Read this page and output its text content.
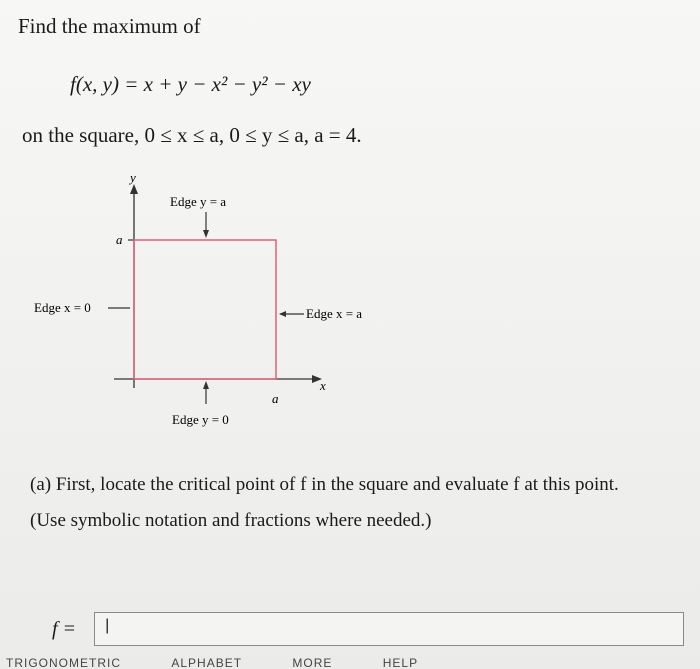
Find the maximum of
f(x, y) = x + y − x² − y² − xy
on the square, 0 ≤ x ≤ a, 0 ≤ y ≤ a, a = 4.
y
x
a
a
Edge y = a
Edge x = 0	Edge x = a
Edge y = 0
(a) First, locate the critical point of f in the square and evaluate f at this point.
(Use symbolic notation and fractions where needed.)
f =	|
TRIGONOMETRIC	ALPHABET	MORE	HELP
